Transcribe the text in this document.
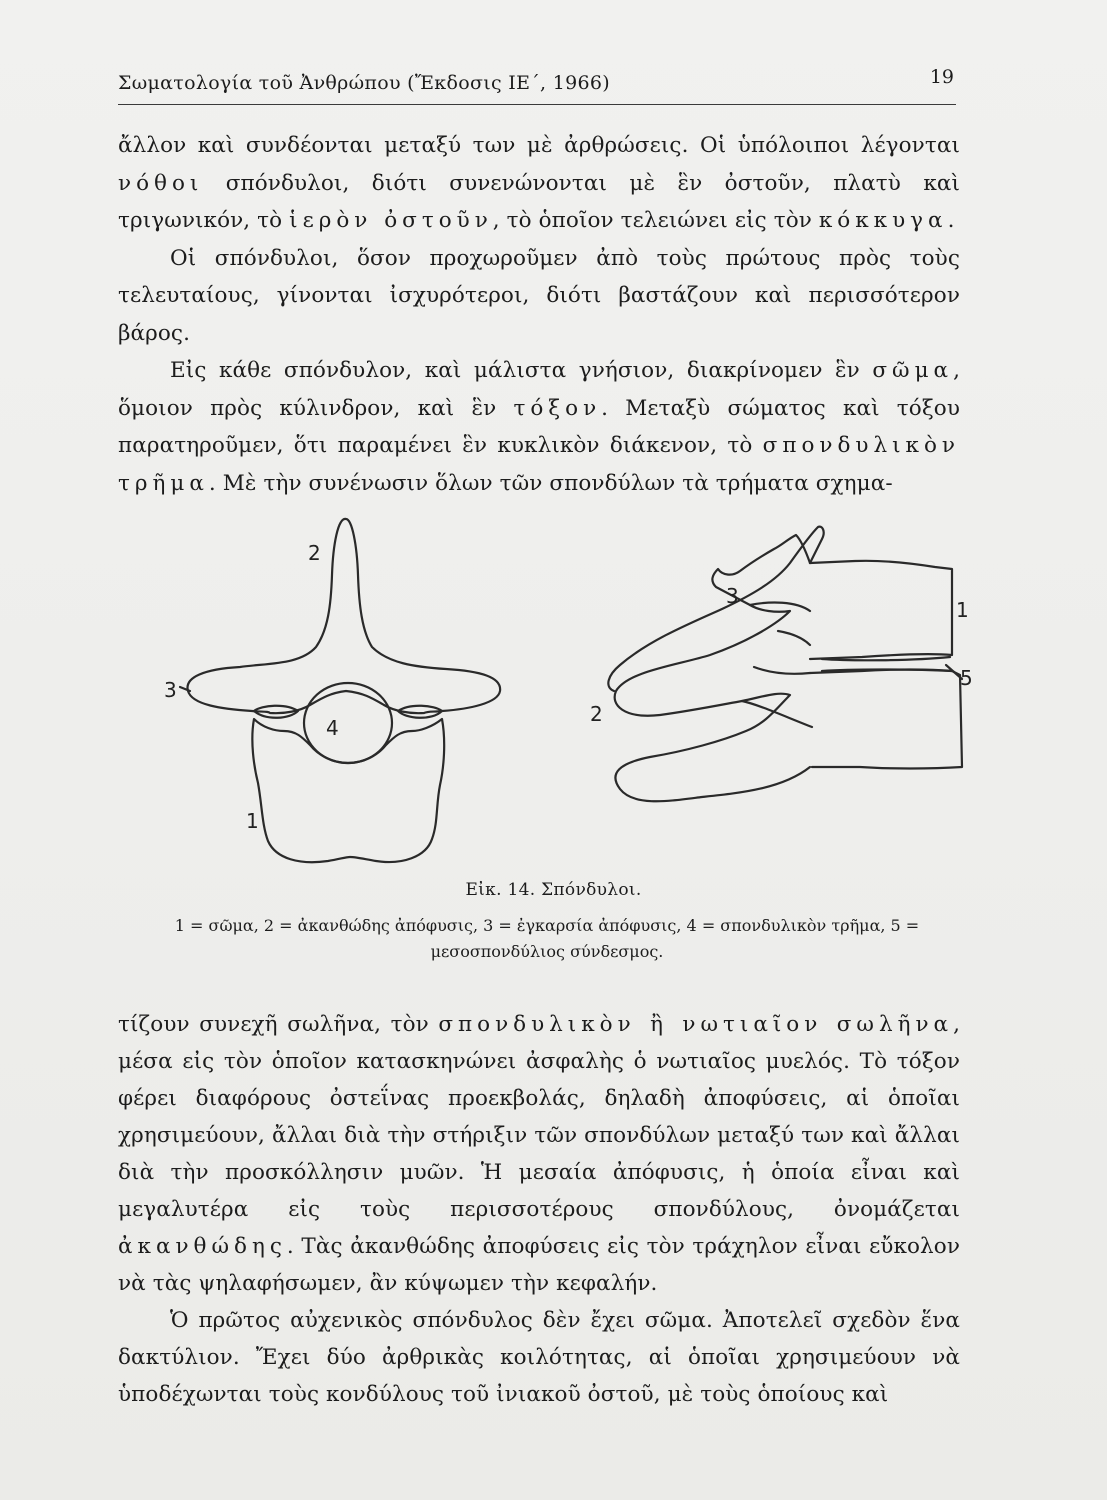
Σωματολογία τοῦ Ἀνθρώπου (Ἔκδοσις ΙΕ΄, 1966)	19
ἄλλον καὶ συνδέονται μεταξύ των μὲ ἀρθρώσεις. Οἱ ὑπόλοιποι λέγονται νόθοι σπόνδυλοι, διότι συνενώνονται μὲ ἓν ὀστοῦν, πλατὺ καὶ τριγωνικόν, τὸ ἱερὸν ὀστοῦν, τὸ ὁποῖον τελειώνει εἰς τὸν κόκκυγα.
Οἱ σπόνδυλοι, ὅσον προχωροῦμεν ἀπὸ τοὺς πρώτους πρὸς τοὺς τελευταίους, γίνονται ἰσχυρότεροι, διότι βαστάζουν καὶ περισσότερον βάρος.
Εἰς κάθε σπόνδυλον, καὶ μάλιστα γνήσιον, διακρίνομεν ἓν σῶμα, ὅμοιον πρὸς κύλινδρον, καὶ ἓν τόξον. Μεταξὺ σώματος καὶ τόξου παρατηροῦμεν, ὅτι παραμένει ἓν κυκλικὸν διάκενον, τὸ σπονδυλικὸν τρῆμα. Μὲ τὴν συνένωσιν ὅλων τῶν σπονδύλων τὰ τρήματα σχημα-
2
3
4
1
3
1
5
2
Εἰκ. 14. Σπόνδυλοι.
1 = σῶμα, 2 = ἀκανθώδης ἀπόφυσις, 3 = ἐγκαρσία ἀπόφυσις, 4 = σπονδυλικὸν τρῆμα, 5 = μεσοσπονδύλιος σύνδεσμος.
τίζουν συνεχῆ σωλῆνα, τὸν σπονδυλικὸν ἢ νωτιαῖον σωλῆνα, μέσα εἰς τὸν ὁποῖον κατασκηνώνει ἀσφαλὴς ὁ νωτιαῖος μυελός. Τὸ τόξον φέρει διαφόρους ὀστεΐνας προεκβολάς, δηλαδὴ ἀποφύσεις, αἱ ὁποῖαι χρησιμεύουν, ἄλλαι διὰ τὴν στήριξιν τῶν σπονδύλων μεταξύ των καὶ ἄλλαι διὰ τὴν προσκόλλησιν μυῶν. Ἡ μεσαία ἀπόφυσις, ἡ ὁποία εἶναι καὶ μεγαλυτέρα εἰς τοὺς περισσοτέρους σπονδύλους, ὀνομάζεται ἀκανθώδης. Τὰς ἀκανθώδης ἀποφύσεις εἰς τὸν τράχηλον εἶναι εὔκολον νὰ τὰς ψηλαφήσωμεν, ἂν κύψωμεν τὴν κεφαλήν.
Ὁ πρῶτος αὐχενικὸς σπόνδυλος δὲν ἔχει σῶμα. Ἀποτελεῖ σχεδὸν ἕνα δακτύλιον. Ἔχει δύο ἀρθρικὰς κοιλότητας, αἱ ὁποῖαι χρησιμεύουν νὰ ὑποδέχωνται τοὺς κονδύλους τοῦ ἰνιακοῦ ὀστοῦ, μὲ τοὺς ὁποίους καὶ
